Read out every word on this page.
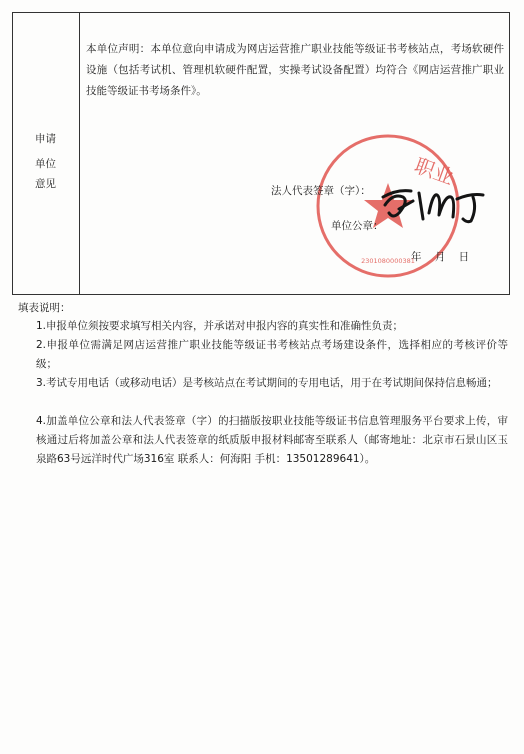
申请
单位
意见
本单位声明：本单位意向申请成为网店运营推广职业技能等级证书考核站点，考场软硬件设施（包括考试机、管理机软硬件配置，实操考试设备配置）均符合《网店运营推广职业技能等级证书考场条件》。
职业
2301080000381
法人代表签章（字）：
单位公章：
年 月 日
填表说明：
1.申报单位须按要求填写相关内容，并承诺对申报内容的真实性和准确性负责；
2.申报单位需满足网店运营推广职业技能等级证书考核站点考场建设条件，选择相应的考核评价等级；
3.考试专用电话（或移动电话）是考核站点在考试期间的专用电话，用于在考试期间保持信息畅通；
4.加盖单位公章和法人代表签章（字）的扫描版按职业技能等级证书信息管理服务平台要求上传，审核通过后将加盖公章和法人代表签章的纸质版申报材料邮寄至联系人（邮寄地址：北京市石景山区玉泉路63号远洋时代广场316室 联系人：何海阳 手机：13501289641）。
